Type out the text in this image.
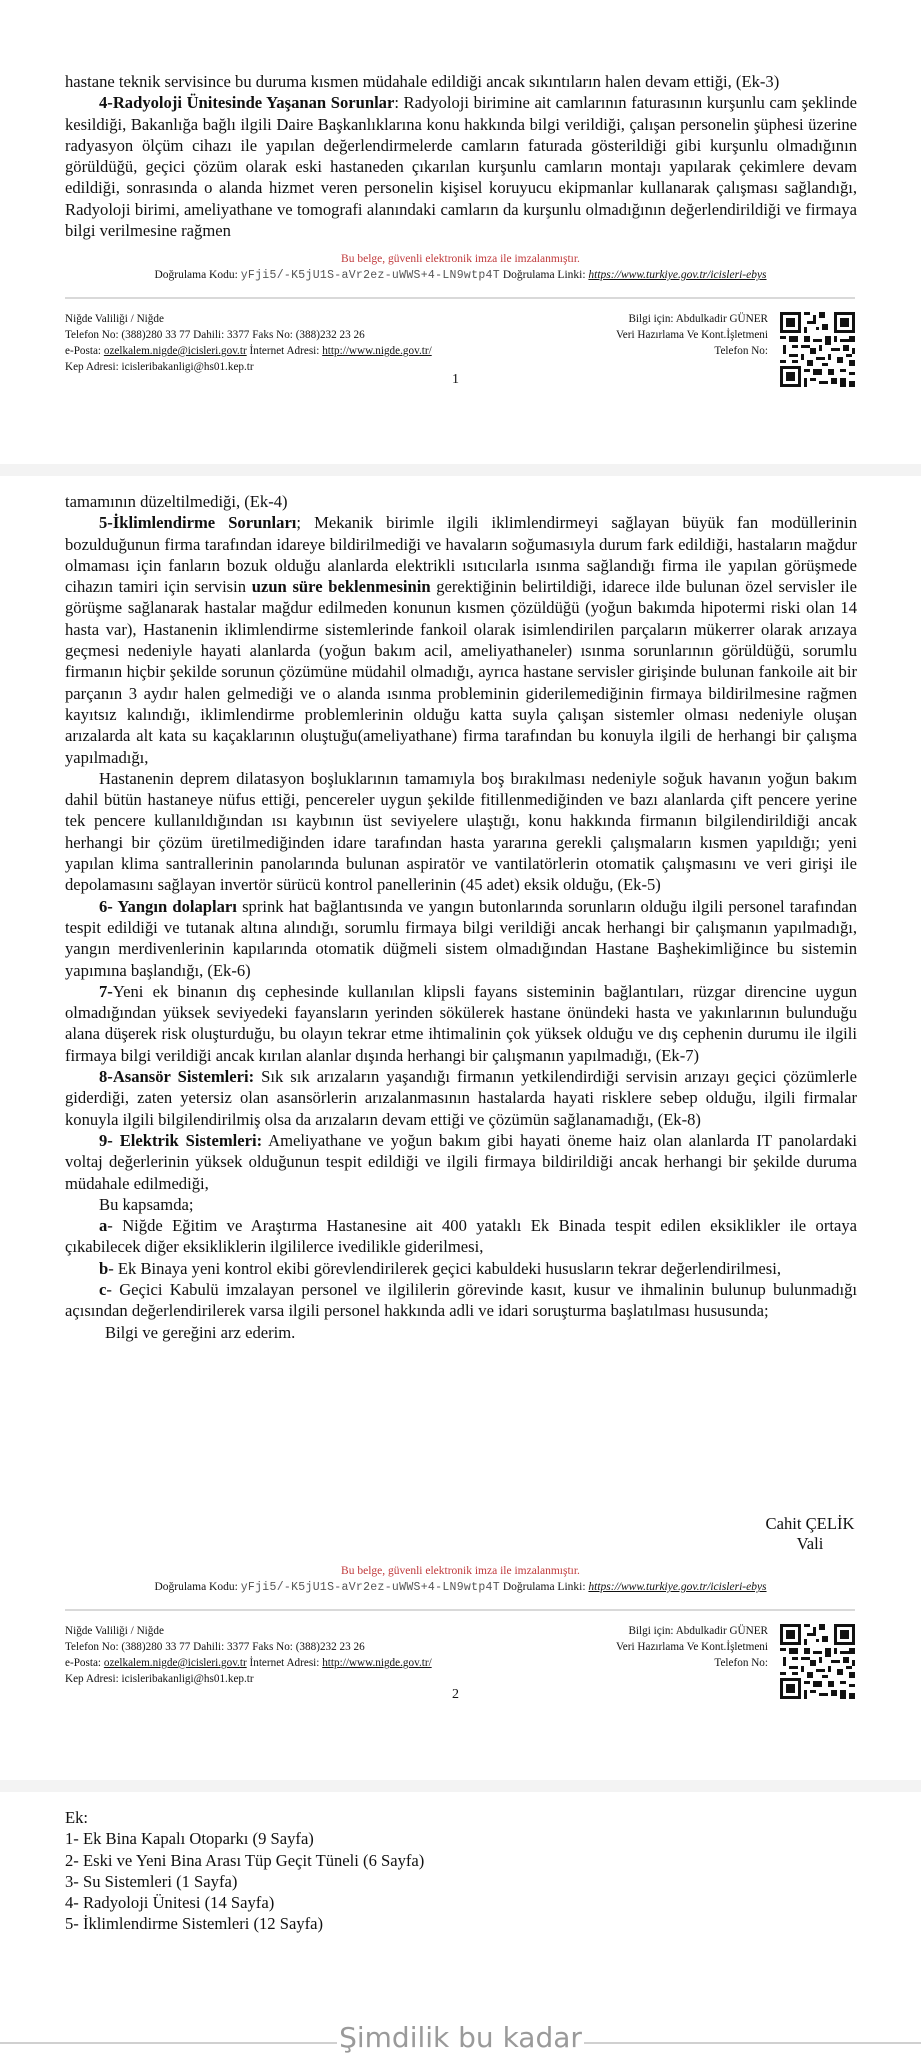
hastane teknik servisince bu duruma kısmen müdahale edildiği ancak sıkıntıların halen devam ettiği, (Ek-3)

4-Radyoloji Ünitesinde Yaşanan Sorunlar: Radyoloji birimine ait camlarının faturasının kurşunlu cam şeklinde kesildiği, Bakanlığa bağlı ilgili Daire Başkanlıklarına konu hakkında bilgi verildiği, çalışan personelin şüphesi üzerine radyasyon ölçüm cihazı ile yapılan değerlendirmelerde camların faturada gösterildiği gibi kurşunlu olmadığının görüldüğü, geçici çözüm olarak eski hastaneden çıkarılan kurşunlu camların montajı yapılarak çekimlere devam edildiği, sonrasında o alanda hizmet veren personelin kişisel koruyucu ekipmanlar kullanarak çalışması sağlandığı, Radyoloji birimi, ameliyathane ve tomografi alanındaki camların da kurşunlu olmadığının değerlendirildiği ve firmaya bilgi verilmesine rağmen

Bu belge, güvenli elektronik imza ile imzalanmıştır.
Doğrulama Kodu: yFji5/-K5jU1S-aVr2ez-uWWS+4-LN9wtp4T Doğrulama Linki: https://www.turkiye.gov.tr/icisleri-ebys
Niğde Valiliği / Niğde
Telefon No: (388)280 33 77 Dahili: 3377 Faks No: (388)232 23 26
e-Posta: ozelkalem.nigde@icisleri.gov.tr İnternet Adresi: http://www.nigde.gov.tr/
Kep Adresi: icisleribakanligi@hs01.kep.tr
Bilgi için: Abdulkadir GÜNER
Veri Hazırlama Ve Kont.İşletmeni
Telefon No:
1

tamamının düzeltilmediği, (Ek-4)

5-İklimlendirme Sorunları; Mekanik birimle ilgili iklimlendirmeyi sağlayan büyük fan modüllerinin bozulduğunun firma tarafından idareye bildirilmediği ve havaların soğumasıyla durum fark edildiği, hastaların mağdur olmaması için fanların bozuk olduğu alanlarda elektrikli ısıtıcılarla ısınma sağlandığı firma ile yapılan görüşmede cihazın tamiri için servisin uzun süre beklenmesinin gerektiğinin belirtildiği, idarece ilde bulunan özel servisler ile görüşme sağlanarak hastalar mağdur edilmeden konunun kısmen çözüldüğü (yoğun bakımda hipotermi riski olan 14 hasta var), Hastanenin iklimlendirme sistemlerinde fankoil olarak isimlendirilen parçaların mükerrer olarak arızaya geçmesi nedeniyle hayati alanlarda (yoğun bakım acil, ameliyathaneler) ısınma sorunlarının görüldüğü, sorumlu firmanın hiçbir şekilde sorunun çözümüne müdahil olmadığı, ayrıca hastane servisler girişinde bulunan fankoile ait bir parçanın 3 aydır halen gelmediği ve o alanda ısınma probleminin giderilemediğinin firmaya bildirilmesine rağmen kayıtsız kalındığı, iklimlendirme problemlerinin olduğu katta suyla çalışan sistemler olması nedeniyle oluşan arızalarda alt kata su kaçaklarının oluştuğu(ameliyathane) firma tarafından bu konuyla ilgili de herhangi bir çalışma yapılmadığı,

Hastanenin deprem dilatasyon boşluklarının tamamıyla boş bırakılması nedeniyle soğuk havanın yoğun bakım dahil bütün hastaneye nüfus ettiği, pencereler uygun şekilde fitillenmediğinden ve bazı alanlarda çift pencere yerine tek pencere kullanıldığından ısı kaybının üst seviyelere ulaştığı, konu hakkında firmanın bilgilendirildiği ancak herhangi bir çözüm üretilmediğinden idare tarafından hasta yararına gerekli çalışmaların kısmen yapıldığı; yeni yapılan klima santrallerinin panolarında bulunan aspiratör ve vantilatörlerin otomatik çalışmasını ve veri girişi ile depolamasını sağlayan invertör sürücü kontrol panellerinin (45 adet) eksik olduğu, (Ek-5)

6- Yangın dolapları sprink hat bağlantısında ve yangın butonlarında sorunların olduğu ilgili personel tarafından tespit edildiği ve tutanak altına alındığı, sorumlu firmaya bilgi verildiği ancak herhangi bir çalışmanın yapılmadığı, yangın merdivenlerinin kapılarında otomatik düğmeli sistem olmadığından Hastane Başhekimliğince bu sistemin yapımına başlandığı, (Ek-6)

7-Yeni ek binanın dış cephesinde kullanılan klipsli fayans sisteminin bağlantıları, rüzgar direncine uygun olmadığından yüksek seviyedeki fayansların yerinden sökülerek hastane önündeki hasta ve yakınlarının bulunduğu alana düşerek risk oluşturduğu, bu olayın tekrar etme ihtimalinin çok yüksek olduğu ve dış cephenin durumu ile ilgili firmaya bilgi verildiği ancak kırılan alanlar dışında herhangi bir çalışmanın yapılmadığı, (Ek-7)

8-Asansör Sistemleri: Sık sık arızaların yaşandığı firmanın yetkilendirdiği servisin arızayı geçici çözümlerle giderdiği, zaten yetersiz olan asansörlerin arızalanmasının hastalarda hayati risklere sebep olduğu, ilgili firmalar konuyla ilgili bilgilendirilmiş olsa da arızaların devam ettiği ve çözümün sağlanamadığı, (Ek-8)

9- Elektrik Sistemleri: Ameliyathane ve yoğun bakım gibi hayati öneme haiz olan alanlarda IT panolardaki voltaj değerlerinin yüksek olduğunun tespit edildiği ve ilgili firmaya bildirildiği ancak herhangi bir şekilde duruma müdahale edilmediği,

Bu kapsamda;

a- Niğde Eğitim ve Araştırma Hastanesine ait 400 yataklı Ek Binada tespit edilen eksiklikler ile ortaya çıkabilecek diğer eksikliklerin ilgililerce ivedilikle giderilmesi,

b- Ek Binaya yeni kontrol ekibi görevlendirilerek geçici kabuldeki hususların tekrar değerlendirilmesi,

c- Geçici Kabulü imzalayan personel ve ilgililerin görevinde kasıt, kusur ve ihmalinin bulunup bulunmadığı açısından değerlendirilerek varsa ilgili personel hakkında adli ve idari soruşturma başlatılması hususunda;

Bilgi ve gereğini arz ederim.

Cahit ÇELİK
Vali
Bu belge, güvenli elektronik imza ile imzalanmıştır.
Doğrulama Kodu: yFji5/-K5jU1S-aVr2ez-uWWS+4-LN9wtp4T Doğrulama Linki: https://www.turkiye.gov.tr/icisleri-ebys
Niğde Valiliği / Niğde
Telefon No: (388)280 33 77 Dahili: 3377 Faks No: (388)232 23 26
e-Posta: ozelkalem.nigde@icisleri.gov.tr İnternet Adresi: http://www.nigde.gov.tr/
Kep Adresi: icisleribakanligi@hs01.kep.tr
Bilgi için: Abdulkadir GÜNER
Veri Hazırlama Ve Kont.İşletmeni
Telefon No:
2
Ek:
1- Ek Bina Kapalı Otoparkı (9 Sayfa)
2- Eski ve Yeni Bina Arası Tüp Geçit Tüneli (6 Sayfa)
3- Su Sistemleri (1 Sayfa)
4- Radyoloji Ünitesi (14 Sayfa)
5- İklimlendirme Sistemleri (12 Sayfa)
Şimdilik bu kadar
